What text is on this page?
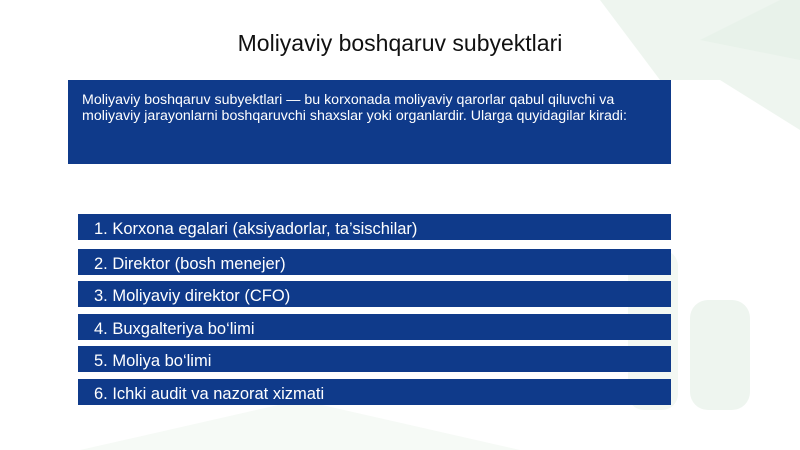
Moliyaviy boshqaruv subyektlari
Moliyaviy boshqaruv subyektlari — bu korxonada moliyaviy qarorlar qabul qiluvchi va moliyaviy jarayonlarni boshqaruvchi shaxslar yoki organlardir. Ularga quyidagilar kiradi:
1. Korxona egalari (aksiyadorlar, ta’sischilar)
2. Direktor (bosh menejer)
3. Moliyaviy direktor (CFO)
4. Buxgalteriya bo‘limi
5. Moliya bo‘limi
6. Ichki audit va nazorat xizmati
